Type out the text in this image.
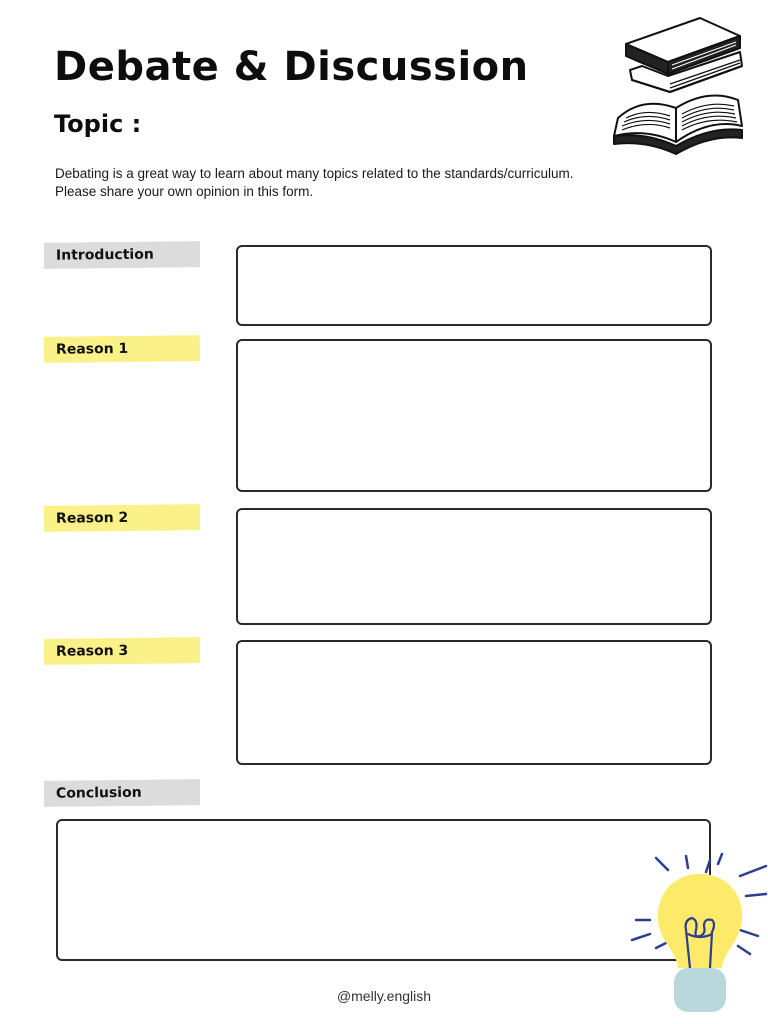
Debate & Discussion
Topic :
Debating is a great way to learn about many topics related to the standards/curriculum.
Please share your own opinion in this form.
Introduction
Reason 1
Reason 2
Reason 3
Conclusion
@melly.english
